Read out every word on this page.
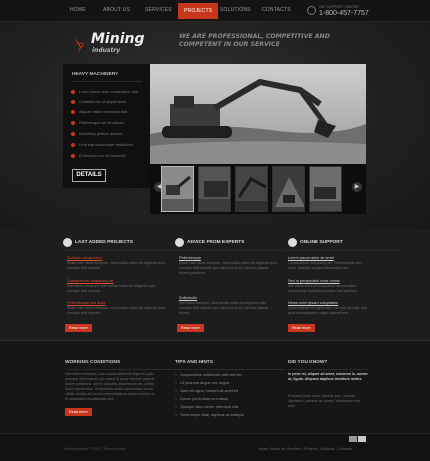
HOME	ABOUT US	SERVICES	PROJECTS	SOLUTIONS CONTACTS	24/7 SUPPORT CENTER
1-800-457-7757
Mining
industry
WE ARE PROFESSIONAL, COMPETITIVE AND COMPETENT IN OUR SERVICE
HEAVY MACHINERY
Lorem ipsum dolor consectetur, duis
Curabitur nec ut aliquet amet
Aliquam etiam commodo duis
Pellentesque set sit ultrices
Nonummy pretium aenean
Ut et erat ullamcorper vestibulum
Et tincidunt nec vel hendrerit
DETAILS
◀	▶
LAST ADDED PROJECTS
Dolorum donat lorem
Etiam nam libero tempore, cum soluta nobis est eligendi optio cumque nihil impedit.
Consectetuer adipiscing elit
Nam libero tempore, cum soluta nobis est eligendi optio cumque nihil impedit.
Pellentesque sed dolor
Etiam nam libero tempore, cum soluta nobis est eligendi optio cumque nihil impedit.
Read more
ADVICE FROM EXPERTS
Pellentesque
Etiam nam libero tempore, cum soluta nobis est eligendi optio cumque nihil impedit quo minus id quod maxime placeat facere possimus.
Sollicitudin
Sed libero tempore, cum soluta nobis est eligendi optio cumque nihil impedit quo minus id quod maxime placeat facere.
Read more
ONLINE SUPPORT
Lorem ipsum dolor sit amet
Consectetuer adipiscing elit. Pellentesque sed dolor. Aliquam congue fermentum nisl.
Sed ut perspiciatis unde omnis
Iste natus error sit voluptatem accusantium doloremque laudantium totam rem aperiam.
Nemo enim ipsam voluptatem
Quia voluptas sit aspernatur aut odit aut fugit, sed quia consequuntur magni dolores eos.
Read more
WORKING CONDITIONS
Nam libero tempore, cum soluta nobis est eligendi optio cumque nihil impedit quo minus id quod maxime placeat facere possimus, omnis voluptas assumenda est, omnis dolor repellendus. Temporibus autem quibusdam et aut officiis debitis aut rerum necessitatibus saepe eveniet ut et voluptates repudiandae sint.
Read more
TIPS AND HINTS
» Suspendisse sollicitudin velit sed leo
» Ut pharetra augue nec augue
» Nam elit agna, endrerit sit amet tin
» Donec porta diam eu massa
» Quisque diam lorem, interdum vita
» Scelerisque vitae, dapibus ac tristique
DID YOU KNOW?
In pede mi, aliquet sit amet, euismod in, auctor ut, ligula. Aliquam dapibus tincidunt metus.
Praesent justo dolor, lobortis quis, lobortis dignissim, pulvinar ac, lorem. Vestibulum sed ante.
Mining industry © 2012 | Privacy policy	Home | About us | Services | Projects | Solutions | Contacts
